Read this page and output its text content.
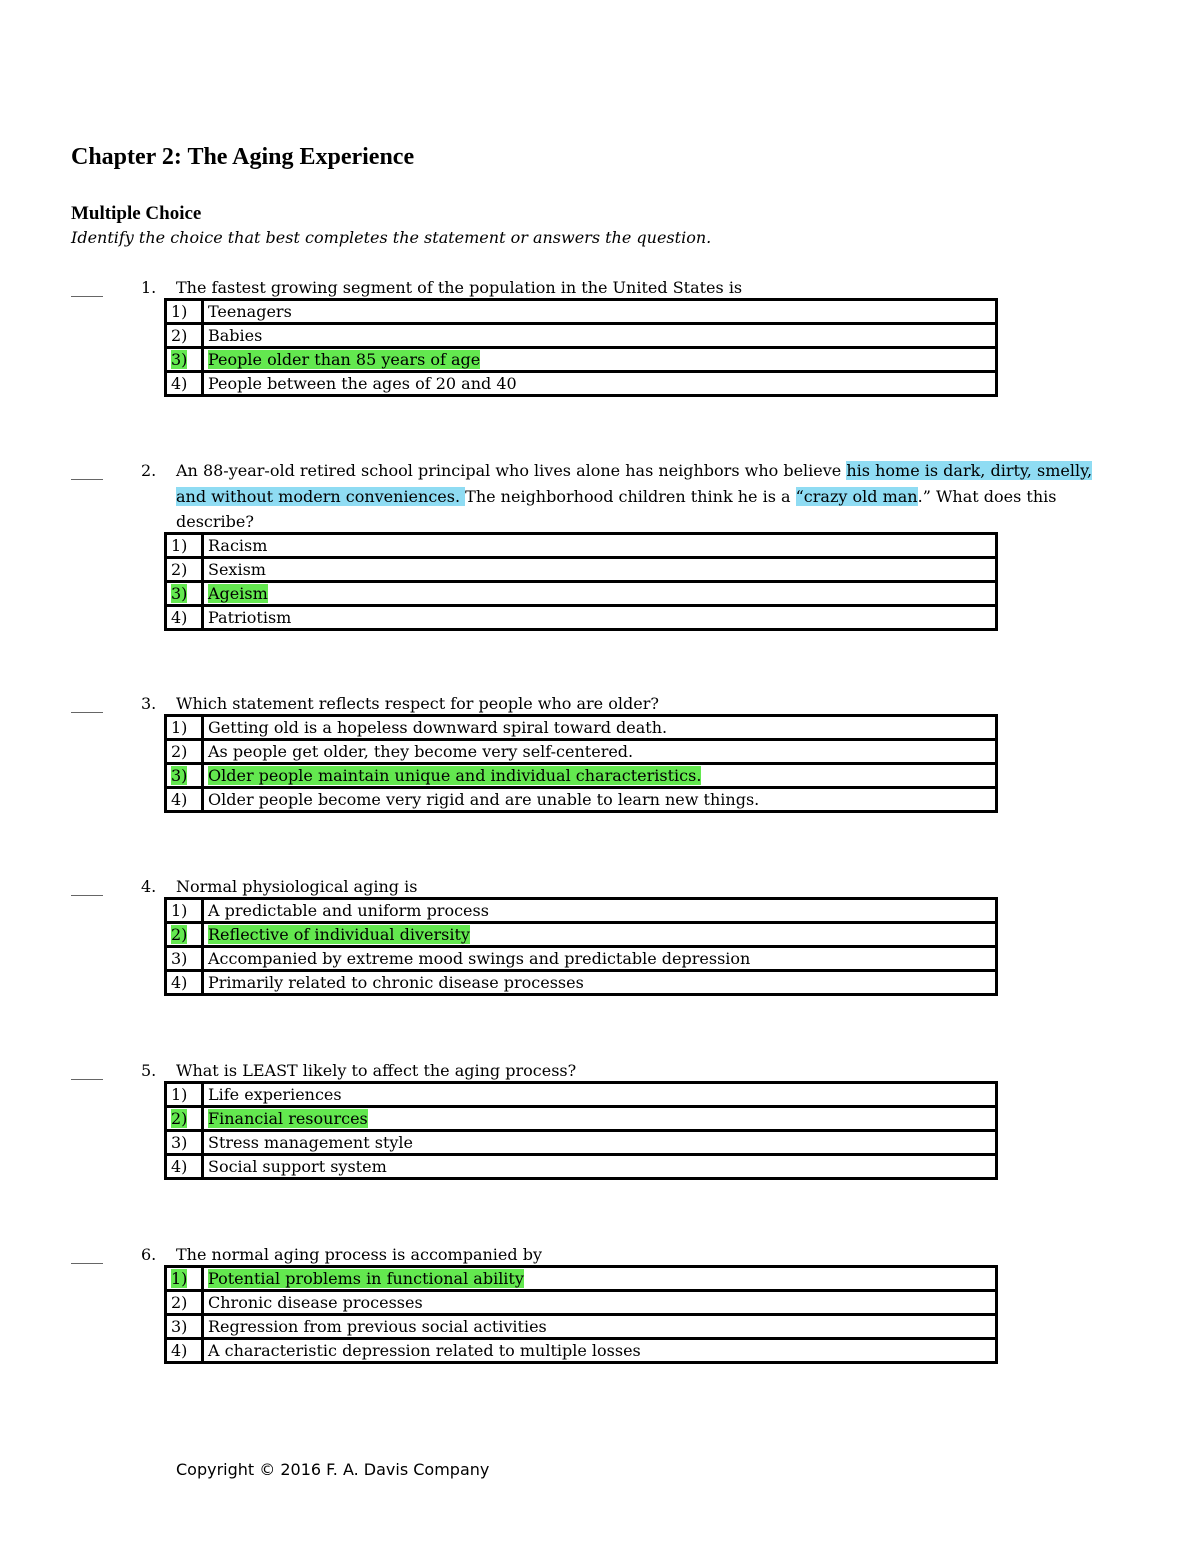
Chapter 2: The Aging Experience
Multiple Choice

Identify the choice that best completes the statement or answers the question.

____ 1. The fastest growing segment of the population in the United States is
1)	Teenagers
2)	Babies
3)	People older than 85 years of age
4)	People between the ages of 20 and 40
____ 2. An 88-year-old retired school principal who lives alone has neighbors who believe his home is dark, dirty, smelly, and without modern conveniences. The neighborhood children think he is a “crazy old man.” What does this describe?
1)	Racism
2)	Sexism
3)	Ageism
4)	Patriotism
____ 3. Which statement reflects respect for people who are older?
1)	Getting old is a hopeless downward spiral toward death.
2)	As people get older, they become very self-centered.
3)	Older people maintain unique and individual characteristics.
4)	Older people become very rigid and are unable to learn new things.
____ 4. Normal physiological aging is
1)	A predictable and uniform process
2)	Reflective of individual diversity
3)	Accompanied by extreme mood swings and predictable depression
4)	Primarily related to chronic disease processes
____ 5. What is LEAST likely to affect the aging process?
1)	Life experiences
2)	Financial resources
3)	Stress management style
4)	Social support system
____ 6. The normal aging process is accompanied by
1)	Potential problems in functional ability
2)	Chronic disease processes
3)	Regression from previous social activities
4)	A characteristic depression related to multiple losses

Copyright © 2016 F. A. Davis Company
